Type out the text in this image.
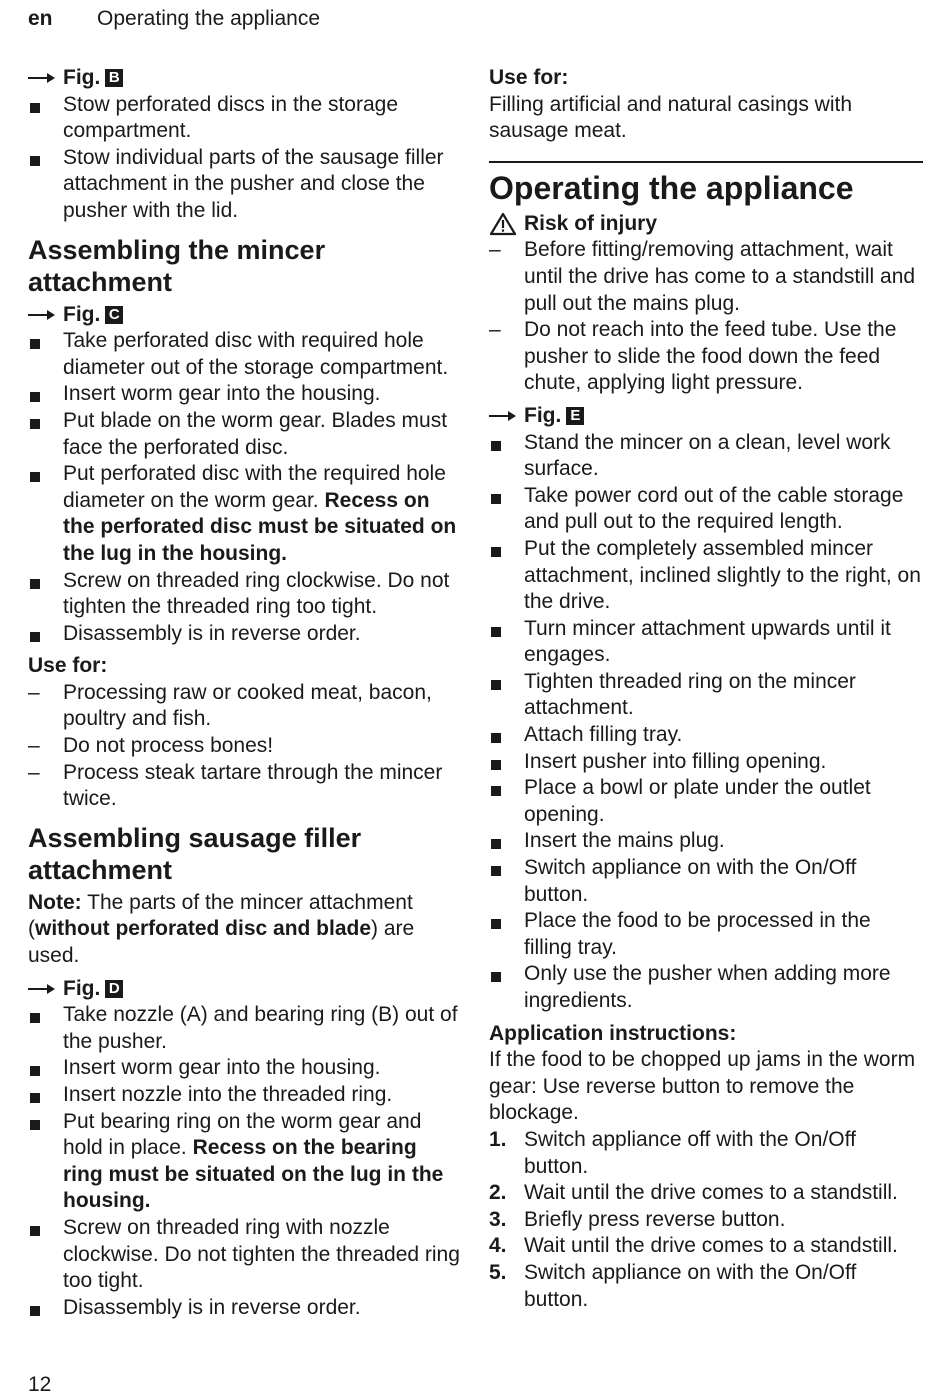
en Operating the appliance
Fig. B
Stow perforated discs in the storage compartment.
Stow individual parts of the sausage filler attachment in the pusher and close the pusher with the lid.
Assembling the mincer attachment
Fig. C
Take perforated disc with required hole diameter out of the storage compartment.
Insert worm gear into the housing.
Put blade on the worm gear. Blades must face the perforated disc.
Put perforated disc with the required hole diameter on the worm gear. Recess on the perforated disc must be situated on the lug in the housing.
Screw on threaded ring clockwise. Do not tighten the threaded ring too tight.
Disassembly is in reverse order.
Use for:
Processing raw or cooked meat, bacon, poultry and fish.
Do not process bones!
Process steak tartare through the mincer twice.
Assembling sausage filler attachment

Note: The parts of the mincer attachment (without perforated disc and blade) are used.

Fig. D
Take nozzle (A) and bearing ring (B) out of the pusher.
Insert worm gear into the housing.
Insert nozzle into the threaded ring.
Put bearing ring on the worm gear and hold in place. Recess on the bearing ring must be situated on the lug in the housing.
Screw on threaded ring with nozzle clockwise. Do not tighten the threaded ring too tight.
Disassembly is in reverse order.
Use for:

Filling artificial and natural casings with sausage meat.

Operating the appliance
Risk of injury
Before fitting/removing attachment, wait until the drive has come to a standstill and pull out the mains plug.
Do not reach into the feed tube. Use the pusher to slide the food down the feed chute, applying light pressure.
Fig. E
Stand the mincer on a clean, level work surface.
Take power cord out of the cable storage and pull out to the required length.
Put the completely assembled mincer attachment, inclined slightly to the right, on the drive.
Turn mincer attachment upwards until it engages.
Tighten threaded ring on the mincer attachment.
Attach filling tray.
Insert pusher into filling opening.
Place a bowl or plate under the outlet opening.
Insert the mains plug.
Switch appliance on with the On/Off button.
Place the food to be processed in the filling tray.
Only use the pusher when adding more ingredients.
Application instructions:

If the food to be chopped up jams in the worm gear: Use reverse button to remove the blockage.

1. Switch appliance off with the On/Off button.
2. Wait until the drive comes to a standstill.
3. Briefly press reverse button.
4. Wait until the drive comes to a standstill.
5. Switch appliance on with the On/Off button.
12
